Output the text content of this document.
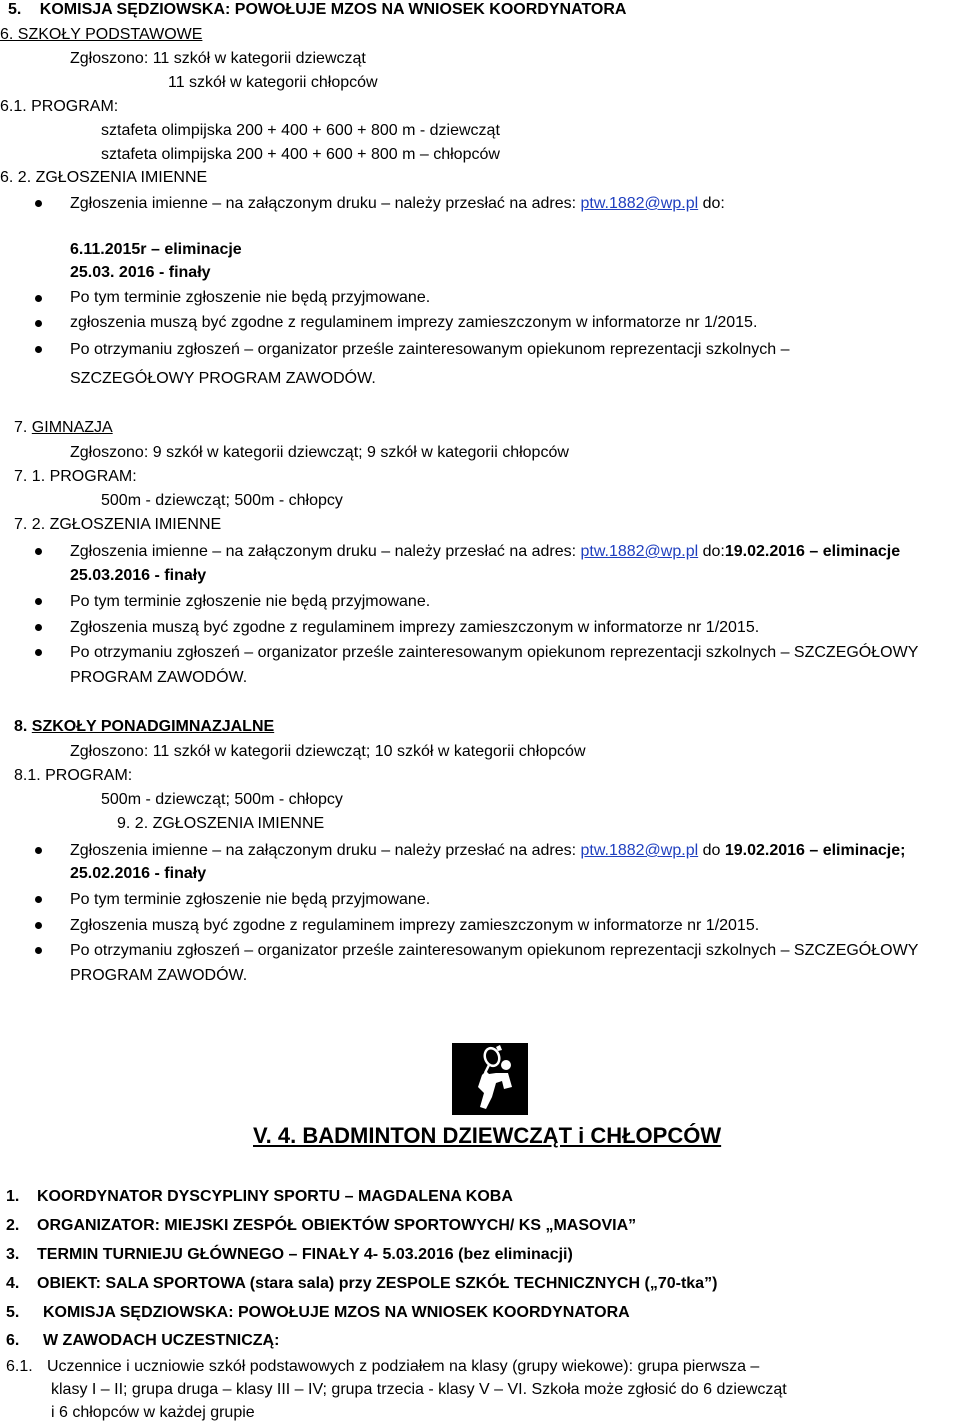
5. KOMISJA SĘDZIOWSKA: POWOŁUJE MZOS NA WNIOSEK KOORDYNATORA
6. SZKOŁY PODSTAWOWE
Zgłoszono: 11 szkół w kategorii dziewcząt
11 szkół w kategorii chłopców
6.1. PROGRAM:
sztafeta olimpijska 200 + 400 + 600 + 800 m - dziewcząt
sztafeta olimpijska 200 + 400 + 600 + 800 m – chłopców
6. 2. ZGŁOSZENIA IMIENNE
Zgłoszenia imienne – na załączonym druku – należy przesłać na adres: ptw.1882@wp.pl do:
6.11.2015r – eliminacje
25.03. 2016 - finały
Po tym terminie zgłoszenie nie będą przyjmowane.
zgłoszenia muszą być zgodne z regulaminem imprezy zamieszczonym w informatorze nr 1/2015.
Po otrzymaniu zgłoszeń – organizator prześle zainteresowanym opiekunom reprezentacji szkolnych –
SZCZEGÓŁOWY PROGRAM ZAWODÓW.
7. GIMNAZJA
Zgłoszono: 9 szkół w kategorii dziewcząt; 9 szkół w kategorii chłopców
7. 1. PROGRAM:
500m - dziewcząt; 500m - chłopcy
7. 2. ZGŁOSZENIA IMIENNE
Zgłoszenia imienne – na załączonym druku – należy przesłać na adres: ptw.1882@wp.pl do:19.02.2016 – eliminacje
25.03.2016 - finały
Po tym terminie zgłoszenie nie będą przyjmowane.
Zgłoszenia muszą być zgodne z regulaminem imprezy zamieszczonym w informatorze nr 1/2015.
Po otrzymaniu zgłoszeń – organizator prześle zainteresowanym opiekunom reprezentacji szkolnych – SZCZEGÓŁOWY
PROGRAM ZAWODÓW.
8. SZKOŁY PONADGIMNAZJALNE
Zgłoszono: 11 szkół w kategorii dziewcząt; 10 szkół w kategorii chłopców
8.1. PROGRAM:
500m - dziewcząt; 500m - chłopcy
9. 2. ZGŁOSZENIA IMIENNE
Zgłoszenia imienne – na załączonym druku – należy przesłać na adres: ptw.1882@wp.pl do 19.02.2016 – eliminacje;
25.02.2016 - finały
Po tym terminie zgłoszenie nie będą przyjmowane.
Zgłoszenia muszą być zgodne z regulaminem imprezy zamieszczonym w informatorze nr 1/2015.
Po otrzymaniu zgłoszeń – organizator prześle zainteresowanym opiekunom reprezentacji szkolnych – SZCZEGÓŁOWY
PROGRAM ZAWODÓW.
V. 4. BADMINTON DZIEWCZĄT i CHŁOPCÓW
1. KOORDYNATOR DYSCYPLINY SPORTU – MAGDALENA KOBA
2. ORGANIZATOR: MIEJSKI ZESPÓŁ OBIEKTÓW SPORTOWYCH/ KS „MASOVIA”
3. TERMIN TURNIEJU GŁÓWNEGO – FINAŁY 4- 5.03.2016 (bez eliminacji)
4. OBIEKT: SALA SPORTOWA (stara sala) przy ZESPOLE SZKÓŁ TECHNICZNYCH („70-tka”)
5. KOMISJA SĘDZIOWSKA: POWOŁUJE MZOS NA WNIOSEK KOORDYNATORA
6. W ZAWODACH UCZESTNICZĄ:
6.1. Uczennice i uczniowie szkół podstawowych z podziałem na klasy (grupy wiekowe): grupa pierwsza –
klasy I – II; grupa druga – klasy III – IV; grupa trzecia - klasy V – VI. Szkoła może zgłosić do 6 dziewcząt
i 6 chłopców w każdej grupie
